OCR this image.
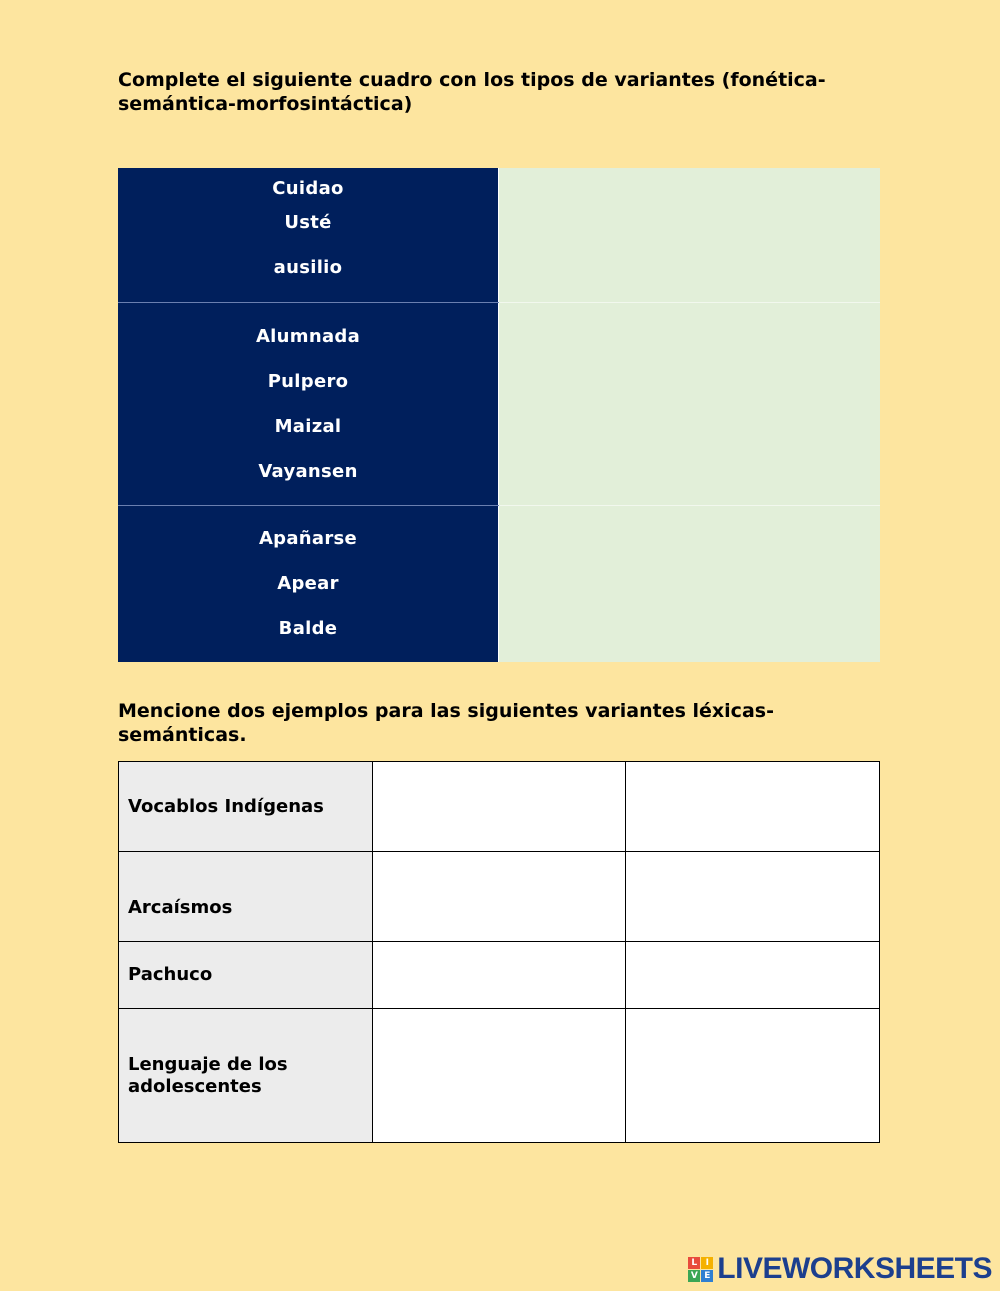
Complete el siguiente cuadro con los tipos de variantes (fonética-semántica-morfosintáctica)

Cuidao
Usté
ausilio	

Alumnada
Pulpero
Maizal
Vayansen	

Apañarse
Apear
Balde	

Mencione dos ejemplos para las siguientes variantes léxicas-semánticas.

Vocablos Indígenas		
Arcaísmos		
Pachuco		
Lenguaje de los adolescentes		
L I
V E LIVEWORKSHEETS
